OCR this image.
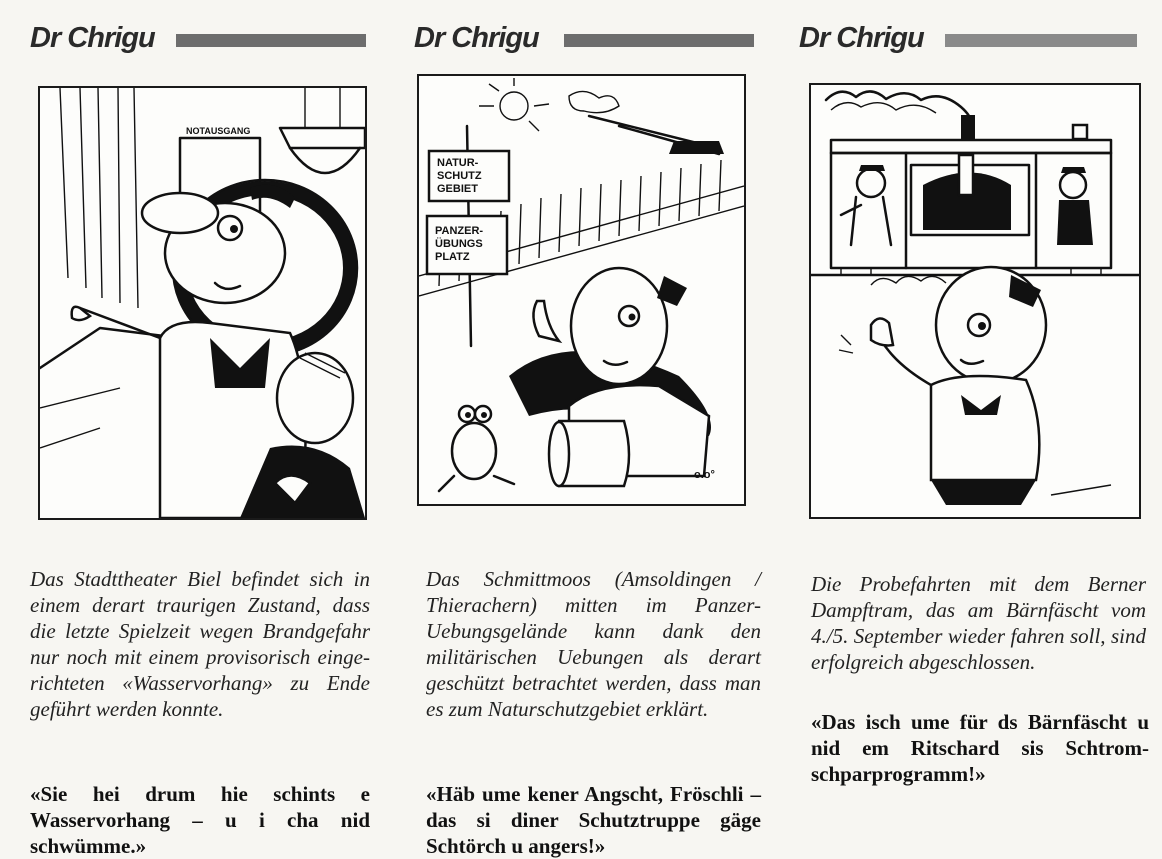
Dr Chrigu
NOTAUSGANG

Das Stadttheater Biel befindet sich in einem derart traurigen Zustand, dass die letzte Spielzeit wegen Brandgefahr nur noch mit einem provisorisch eingerichteten «Wasservorhang» zu Ende geführt werden konnte.

«Sie hei drum hie schints e Wasservorhang – u i cha nid schwümme.»

Dr Chrigu
NATUR- SCHUTZ GEBIET
PANZER- ÜBUNGS PLATZ
o.o°

Das Schmittmoos (Amsoldingen / Thierachern) mitten im Panzer-Uebungsgelände kann dank den militärischen Uebungen als derart geschützt betrachtet werden, dass man es zum Naturschutzgebiet erklärt.

«Häb ume kener Angscht, Fröschli – das si diner Schutztruppe gäge Schtörch u angers!»

Dr Chrigu

Die Probefahrten mit dem Berner Dampftram, das am Bärnfäscht vom 4./5. September wieder fahren soll, sind erfolgreich abgeschlossen.

«Das isch ume für ds Bärnfäscht u nid em Ritschard sis Schtromschparprogramm!»
